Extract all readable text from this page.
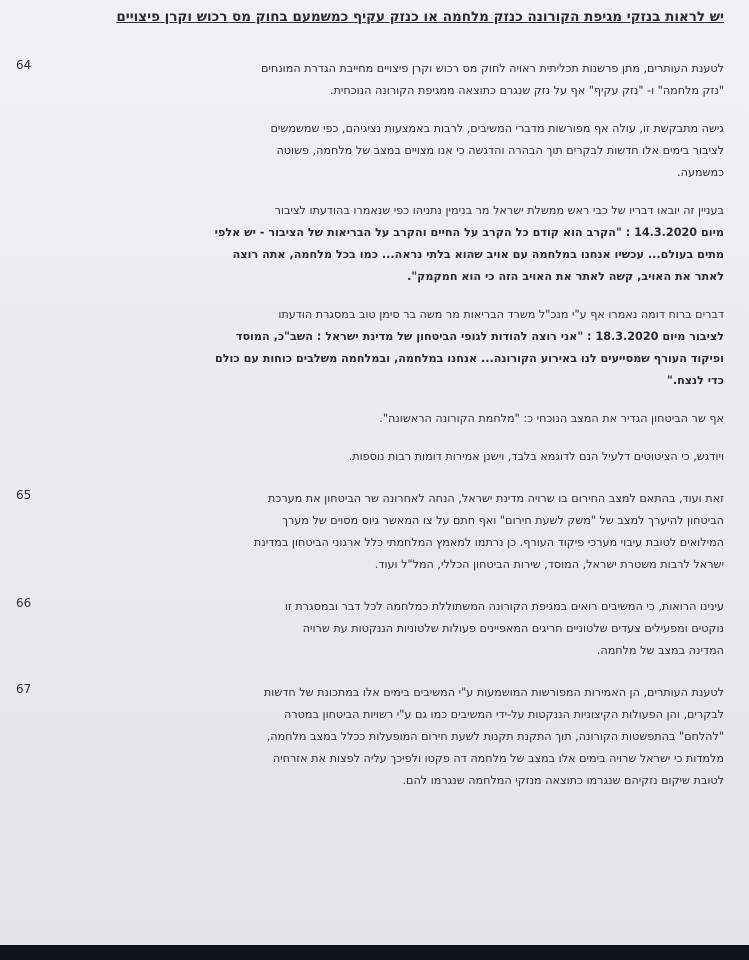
יש לראות בנזקי מגיפת הקורונה כנזק מלחמה או כנזק עקיף כמשמעם בחוק מס רכוש וקרן פיצויים
64	לטענת העותרים, מתן פרשנות תכליתית ראויה לחוק מס רכוש וקרן פיצויים מחייבת הגדרת המונחים
"נזק מלחמה" ו- "נזק עקיף" אף על נזק שנגרם כתוצאה ממגיפת הקורונה הנוכחית.
גישה מתבקשת זו, עולה אף מפורשות מדברי המשיבים, לרבות באמצעות נציגיהם, כפי שמשמשים
לציבור בימים אלו חדשות לבקרים תוך הבהרה והדגשה כי אנו מצויים במצב של מלחמה, פשוטה
כמשמעה.
בעניין זה יובאו דבריו של כבי ראש ממשלת ישראל מר בנימין נתניהו כפי שנאמרו בהודעתו לציבור
מיום 14.3.2020 : "הקרב הוא קודם כל הקרב על החיים והקרב על הבריאות של הציבור - יש אלפי
מתים בעולם... עכשיו אנחנו במלחמה עם אויב שהוא בלתי נראה... כמו בכל מלחמה, אתה רוצה
לאתר את האויב, קשה לאתר את האויב הזה כי הוא חמקמק".
דברים ברוח דומה נאמרו אף ע"י מנכ"ל משרד הבריאות מר משה בר סימן טוב במסגרת הודעתו
לציבור מיום 18.3.2020 : "אני רוצה להודות לגופי הביטחון של מדינת ישראל : השב"כ, המוסד
ופיקוד העורף שמסייעים לנו באירוע הקורונה... אנחנו במלחמה, ובמלחמה משלבים כוחות עם כולם
כדי לנצח."
אף שר הביטחון הגדיר את המצב הנוכחי כ: "מלחמת הקורונה הראשונה".
ויודגש, כי הציטוטים דלעיל הנם לדוגמא בלבד, וישנן אמירות דומות רבות נוספות.
65	זאת ועוד, בהתאם למצב החירום בו שרויה מדינת ישראל, הנחה לאחרונה שר הביטחון את מערכת
הביטחון להיערך למצב של "משק לשעת חירום" ואף חתם על צו המאשר גיוס מסוים של מערך
המילואים לטובת עיבוי מערכי פיקוד העורף. כן נרתמו למאמץ המלחמתי כלל ארגוני הביטחון במדינת
ישראל לרבות משטרת ישראל, המוסד, שירות הביטחון הכללי, המל"ל ועוד.
66	עינינו הרואות, כי המשיבים רואים במגיפת הקורונה המשתוללת כמלחמה לכל דבר ובמסגרת זו
נוקטים ומפעילים צעדים שלטוניים חריגים המאפיינים פעולות שלטוניות הננקטות עת שרויה
המדינה במצב של מלחמה.
67	לטענת העותרים, הן האמירות המפורשות המושמעות ע"י המשיבים בימים אלו במתכונת של חדשות
לבקרים, והן הפעולות הקיצוניות הננקטות על-ידי המשיבים כמו גם ע"י רשויות הביטחון במטרה
"להלחם" בהתפשטות הקורונה, תוך התקנת תקנות לשעת חירום המופעלות ככלל במצב מלחמה,
מלמדות כי ישראל שרויה בימים אלו במצב של מלחמה דה פקטו ולפיכך עליה לפצות את אזרחיה
לטובת שיקום נזקיהם שנגרמו כתוצאה מנזקי המלחמה שנגרמו להם.
